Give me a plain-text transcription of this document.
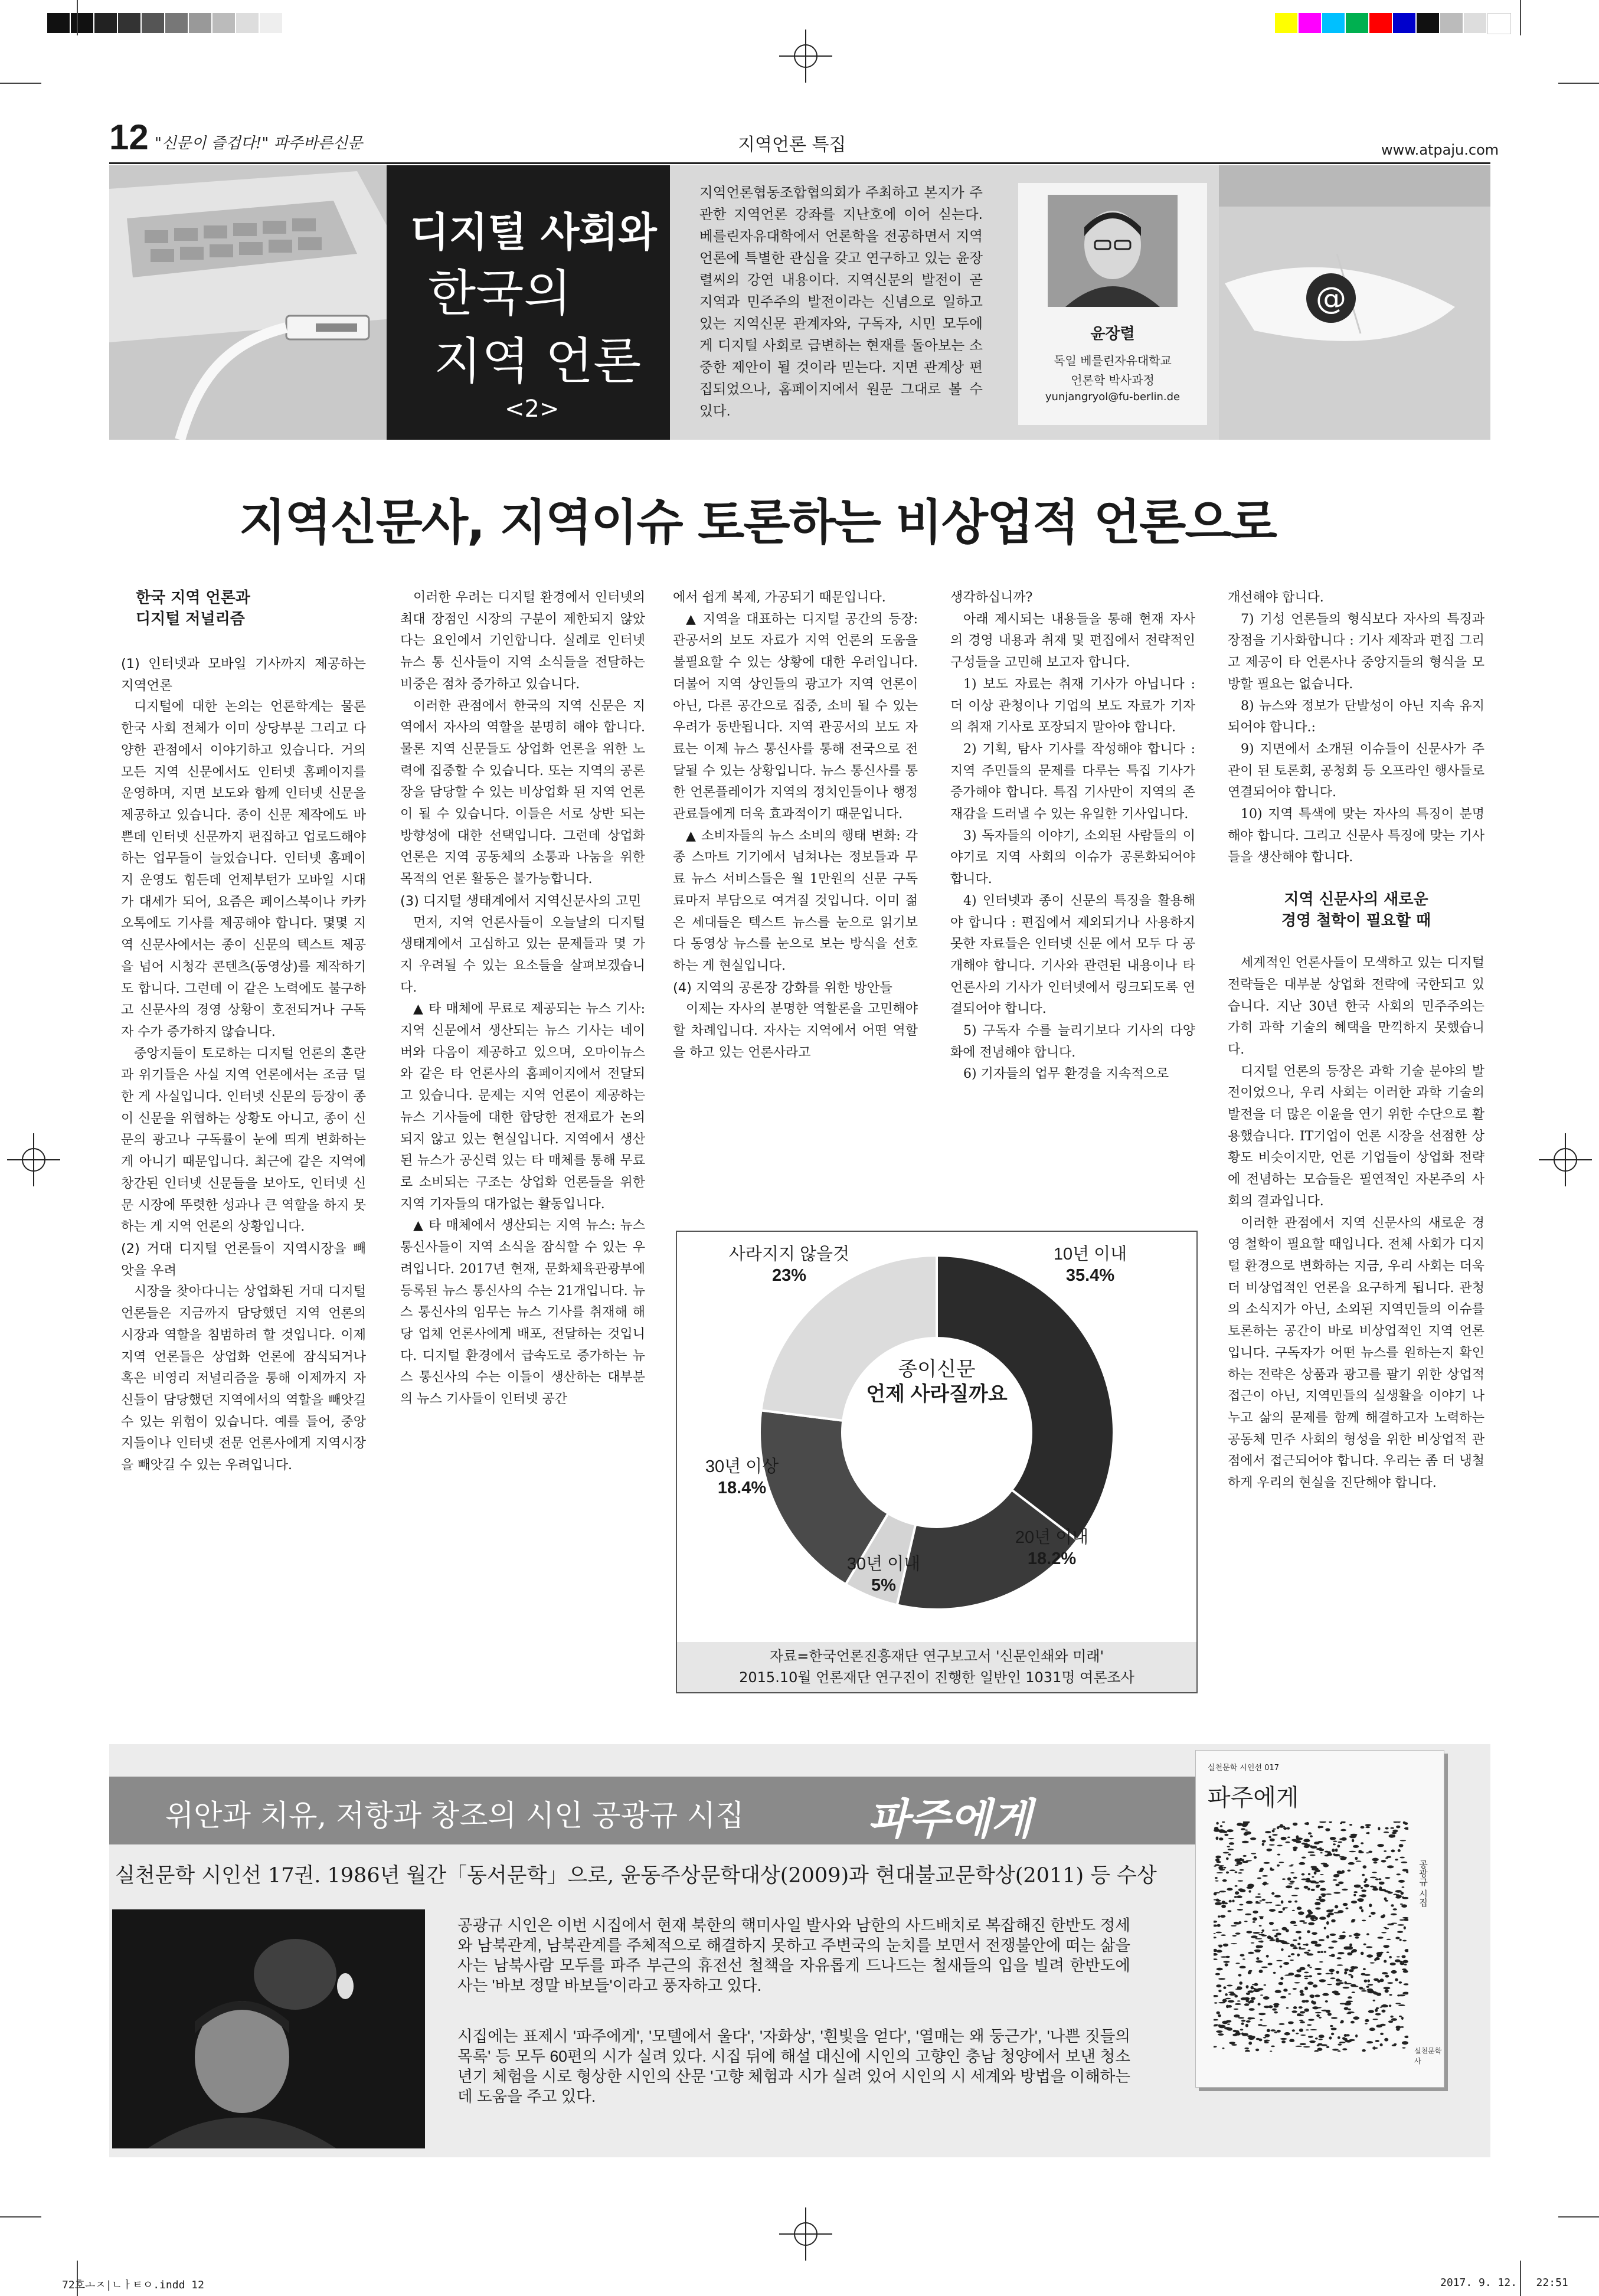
12 "신문이 즐겁다!" 파주바른신문	지역언론 특집	www.atpaju.com
디지털 사회와
한국의
지역 언론
<2>
지역언론협동조합협의회가 주최하고 본지가 주관한 지역언론 강좌를 지난호에 이어 싣는다. 베를린자유대학에서 언론학을 전공하면서 지역언론에 특별한 관심을 갖고 연구하고 있는 윤장렬씨의 강연 내용이다. 지역신문의 발전이 곧 지역과 민주주의 발전이라는 신념으로 일하고 있는 지역신문 관계자와, 구독자, 시민 모두에게 디지털 사회로 급변하는 현재를 돌아보는 소중한 제안이 될 것이라 믿는다. 지면 관계상 편집되었으나, 홈페이지에서 원문 그대로 볼 수 있다.
윤장렬
독일 베를린자유대학교
언론학 박사과정
yunjangryol@fu-berlin.de
@
지역신문사, 지역이슈 토론하는 비상업적 언론으로
한국 지역 언론과
디지털 저널리즘
(1) 인터넷과 모바일 기사까지 제공하는 지역언론

디지털에 대한 논의는 언론학계는 물론 한국 사회 전체가 이미 상당부분 그리고 다양한 관점에서 이야기하고 있습니다. 거의 모든 지역 신문에서도 인터넷 홈페이지를 운영하며, 지면 보도와 함께 인터넷 신문을 제공하고 있습니다. 종이 신문 제작에도 바쁜데 인터넷 신문까지 편집하고 업로드해야 하는 업무들이 늘었습니다. 인터넷 홈페이지 운영도 힘든데 언제부턴가 모바일 시대가 대세가 되어, 요즘은 페이스북이나 카카오톡에도 기사를 제공해야 합니다. 몇몇 지역 신문사에서는 종이 신문의 텍스트 제공을 넘어 시청각 콘텐츠(동영상)를 제작하기도 합니다. 그런데 이 같은 노력에도 불구하고 신문사의 경영 상황이 호전되거나 구독자 수가 증가하지 않습니다.

중앙지들이 토로하는 디지털 언론의 혼란과 위기들은 사실 지역 언론에서는 조금 덜한 게 사실입니다. 인터넷 신문의 등장이 종이 신문을 위협하는 상황도 아니고, 종이 신문의 광고나 구독률이 눈에 띄게 변화하는 게 아니기 때문입니다. 최근에 같은 지역에 창간된 인터넷 신문들을 보아도, 인터넷 신문 시장에 뚜렷한 성과나 큰 역할을 하지 못하는 게 지역 언론의 상황입니다.

(2) 거대 디지털 언론들이 지역시장을 빼앗을 우려

시장을 찾아다니는 상업화된 거대 디지털 언론들은 지금까지 담당했던 지역 언론의 시장과 역할을 침범하려 할 것입니다. 이제 지역 언론들은 상업화 언론에 잠식되거나 혹은 비영리 저널리즘을 통해 이제까지 자신들이 담당했던 지역에서의 역할을 빼앗길 수 있는 위험이 있습니다. 예를 들어, 중앙지들이나 인터넷 전문 언론사에게 지역시장을 빼앗길 수 있는 우려입니다.

이러한 우려는 디지털 환경에서 인터넷의 최대 장점인 시장의 구분이 제한되지 않았다는 요인에서 기인합니다. 실례로 인터넷 뉴스 통 신사들이 지역 소식들을 전달하는 비중은 점차 증가하고 있습니다.

이러한 관점에서 한국의 지역 신문은 지역에서 자사의 역할을 분명히 해야 합니다. 물론 지역 신문들도 상업화 언론을 위한 노력에 집중할 수 있습니다. 또는 지역의 공론장을 담당할 수 있는 비상업화 된 지역 언론이 될 수 있습니다. 이들은 서로 상반 되는 방향성에 대한 선택입니다. 그런데 상업화 언론은 지역 공동체의 소통과 나눔을 위한 목적의 언론 활동은 불가능합니다.

(3) 디지털 생태계에서 지역신문사의 고민

먼저, 지역 언론사들이 오늘날의 디지털 생태계에서 고심하고 있는 문제들과 몇 가지 우려될 수 있는 요소들을 살펴보겠습니다.

▲ 타 매체에 무료로 제공되는 뉴스 기사: 지역 신문에서 생산되는 뉴스 기사는 네이버와 다음이 제공하고 있으며, 오마이뉴스와 같은 타 언론사의 홈페이지에서 전달되고 있습니다. 문제는 지역 언론이 제공하는 뉴스 기사들에 대한 합당한 전재료가 논의되지 않고 있는 현실입니다. 지역에서 생산된 뉴스가 공신력 있는 타 매체를 통해 무료로 소비되는 구조는 상업화 언론들을 위한 지역 기자들의 대가없는 활동입니다.

▲ 타 매체에서 생산되는 지역 뉴스: 뉴스통신사들이 지역 소식을 잠식할 수 있는 우려입니다. 2017년 현재, 문화체육관광부에 등록된 뉴스 통신사의 수는 21개입니다. 뉴스 통신사의 임무는 뉴스 기사를 취재해 해당 업체 언론사에게 배포, 전달하는 것입니다. 디지털 환경에서 급속도로 증가하는 뉴스 통신사의 수는 이들이 생산하는 대부분의 뉴스 기사들이 인터넷 공간

에서 쉽게 복제, 가공되기 때문입니다.

▲ 지역을 대표하는 디지털 공간의 등장: 관공서의 보도 자료가 지역 언론의 도움을 불필요할 수 있는 상황에 대한 우려입니다. 더불어 지역 상인들의 광고가 지역 언론이 아닌, 다른 공간으로 집중, 소비 될 수 있는 우려가 동반됩니다. 지역 관공서의 보도 자료는 이제 뉴스 통신사를 통해 전국으로 전달될 수 있는 상황입니다. 뉴스 통신사를 통한 언론플레이가 지역의 정치인들이나 행정 관료들에게 더욱 효과적이기 때문입니다.

▲ 소비자들의 뉴스 소비의 행태 변화: 각종 스마트 기기에서 넘쳐나는 정보들과 무료 뉴스 서비스들은 월 1만원의 신문 구독료마저 부담으로 여겨질 것입니다. 이미 젊은 세대들은 텍스트 뉴스를 눈으로 읽기보다 동영상 뉴스를 눈으로 보는 방식을 선호하는 게 현실입니다.

(4) 지역의 공론장 강화를 위한 방안들

이제는 자사의 분명한 역할론을 고민해야 할 차례입니다. 자사는 지역에서 어떤 역할을 하고 있는 언론사라고

생각하십니까?

아래 제시되는 내용들을 통해 현재 자사의 경영 내용과 취재 및 편집에서 전략적인 구성들을 고민해 보고자 합니다.

1) 보도 자료는 취재 기사가 아닙니다 : 더 이상 관청이나 기업의 보도 자료가 기자의 취재 기사로 포장되지 말아야 합니다.

2) 기획, 탐사 기사를 작성해야 합니다 : 지역 주민들의 문제를 다루는 특집 기사가 증가해야 합니다. 특집 기사만이 지역의 존재감을 드러낼 수 있는 유일한 기사입니다.

3) 독자들의 이야기, 소외된 사람들의 이야기로 지역 사회의 이슈가 공론화되어야 합니다.

4) 인터넷과 종이 신문의 특징을 활용해야 합니다 : 편집에서 제외되거나 사용하지 못한 자료들은 인터넷 신문 에서 모두 다 공개해야 합니다. 기사와 관련된 내용이나 타 언론사의 기사가 인터넷에서 링크되도록 연결되어야 합니다.

5) 구독자 수를 늘리기보다 기사의 다양화에 전념해야 합니다.

6) 기자들의 업무 환경을 지속적으로

개선해야 합니다.

7) 기성 언론들의 형식보다 자사의 특징과 장점을 기사화합니다 : 기사 제작과 편집 그리고 제공이 타 언론사나 중앙지들의 형식을 모방할 필요는 없습니다.

8) 뉴스와 정보가 단발성이 아닌 지속 유지되어야 합니다.:

9) 지면에서 소개된 이슈들이 신문사가 주관이 된 토론회, 공청회 등 오프라인 행사들로 연결되어야 합니다.

10) 지역 특색에 맞는 자사의 특징이 분명해야 합니다. 그리고 신문사 특징에 맞는 기사들을 생산해야 합니다.

지역 신문사의 새로운
경영 철학이 필요할 때

세계적인 언론사들이 모색하고 있는 디지털 전략들은 대부분 상업화 전략에 국한되고 있습니다. 지난 30년 한국 사회의 민주주의는 가히 과학 기술의 혜택을 만끽하지 못했습니다.

디지털 언론의 등장은 과학 기술 분야의 발전이었으나, 우리 사회는 이러한 과학 기술의 발전을 더 많은 이윤을 연기 위한 수단으로 활용했습니다. IT기업이 언론 시장을 선점한 상황도 비슷이지만, 언론 기업들이 상업화 전략에 전념하는 모습들은 필연적인 자본주의 사회의 결과입니다.

이러한 관점에서 지역 신문사의 새로운 경영 철학이 필요할 때입니다. 전체 사회가 디지털 환경으로 변화하는 지금, 우리 사회는 더욱더 비상업적인 언론을 요구하게 됩니다. 관청의 소식지가 아닌, 소외된 지역민들의 이슈를 토론하는 공간이 바로 비상업적인 지역 언론입니다. 구독자가 어떤 뉴스를 원하는지 확인하는 전략은 상품과 광고를 팔기 위한 상업적 접근이 아닌, 지역민들의 실생활을 이야기 나누고 삶의 문제를 함께 해결하고자 노력하는 공동체 민주 사회의 형성을 위한 비상업적 관점에서 접근되어야 합니다. 우리는 좀 더 냉철하게 우리의 현실을 진단해야 합니다.

종이신문
언제 사라질까요
사라지지 않을것
23%
10년 이내
35.4%
30년 이상
18.4%
30년 이내
5%
20년 이내
18.2%
자료=한국언론진흥재단 연구보고서 '신문인쇄와 미래'
2015.10월 언론재단 연구진이 진행한 일반인 1031명 여론조사
위안과 치유, 저항과 창조의 시인 공광규 시집	파주에게
실천문학 시인선 17권. 1986년 월간「동서문학」으로, 윤동주상문학대상(2009)과 현대불교문학상(2011) 등 수상
공광규 시인은 이번 시집에서 현재 북한의 핵미사일 발사와 남한의 사드배치로 복잡해진 한반도 정세와 남북관계, 남북관계를 주체적으로 해결하지 못하고 주변국의 눈치를 보면서 전쟁불안에 떠는 삶을 사는 남북사람 모두를 파주 부근의 휴전선 철책을 자유롭게 드나드는 철새들의 입을 빌려 한반도에 사는 '바보 정말 바보들'이라고 풍자하고 있다.
시집에는 표제시 '파주에게', '모텔에서 울다', '자화상', '흰빛을 얻다', '열매는 왜 둥근가', '나쁜 짓들의 목록' 등 모두 60편의 시가 실려 있다. 시집 뒤에 해설 대신에 시인의 고향인 충남 청양에서 보낸 청소년기 체험을 시로 형상한 시인의 산문 '고향 체험과 시가 실려 있어 시인의 시 세계와 방법을 이해하는데 도움을 주고 있다.
실천문학 시인선 017
파주에게
공광규 시집
실천문학사
72호ㅗㅈ|ㄴㅏㅌㅇ.indd 12	2017. 9. 12.   22:51
